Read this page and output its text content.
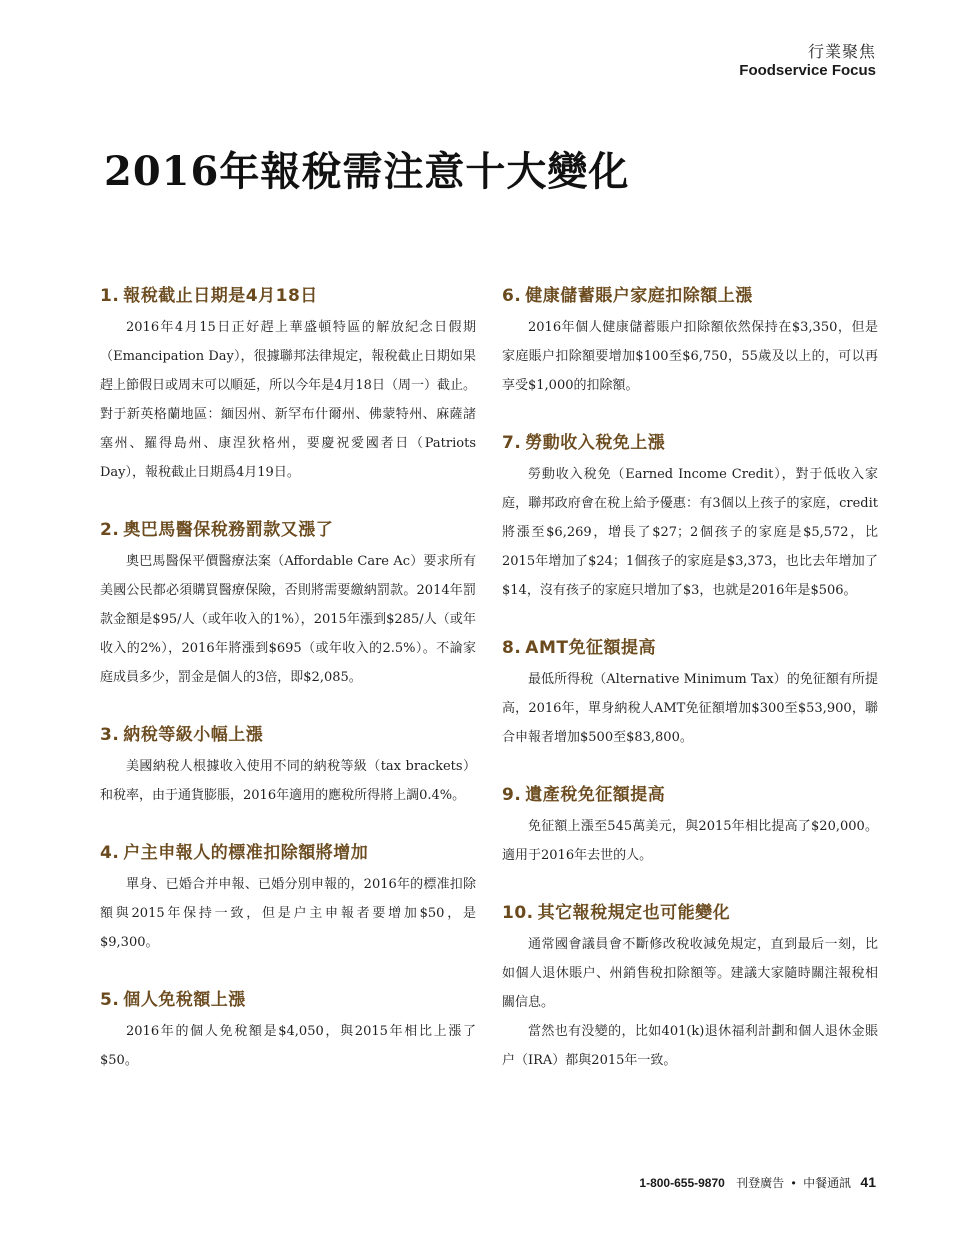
行業聚焦
Foodservice Focus
2016年報稅需注意十大變化
1. 報稅截止日期是4月18日

2016年4月15日正好趕上華盛頓特區的解放紀念日假期（Emancipation Day），很據聯邦法律規定，報稅截止日期如果趕上節假日或周末可以順延，所以今年是4月18日（周一）截止。對于新英格蘭地區：緬因州、新罕布什爾州、佛蒙特州、麻薩諸塞州、羅得島州、康涅狄格州，要慶祝愛國者日（Patriots Day），報稅截止日期爲4月19日。

2. 奧巴馬醫保稅務罰款又漲了

奧巴馬醫保平價醫療法案（Affordable Care Ac）要求所有美國公民都必須購買醫療保險，否則將需要繳納罰款。2014年罰款金額是$95/人（或年收入的1%），2015年漲到$285/人（或年收入的2%），2016年將漲到$695（或年收入的2.5%）。不論家庭成員多少，罰金是個人的3倍，即$2,085。

3. 納稅等級小幅上漲

美國納稅人根據收入使用不同的納稅等級（tax brackets）和稅率，由于通貨膨脹，2016年適用的應稅所得將上調0.4%。

4. 户主申報人的標准扣除額將增加

單身、已婚合并申報、已婚分別申報的，2016年的標准扣除額與2015年保持一致，但是户主申報者要增加$50，是$9,300。

5. 個人免稅額上漲

2016年的個人免稅額是$4,050，與2015年相比上漲了$50。

6. 健康儲蓄賬户家庭扣除額上漲

2016年個人健康儲蓄賬户扣除額依然保持在$3,350，但是家庭賬户扣除額要增加$100至$6,750，55歲及以上的，可以再享受$1,000的扣除額。

7. 勞動收入稅免上漲

勞動收入稅免（Earned Income Credit），對于低收入家庭，聯邦政府會在稅上給予優惠：有3個以上孩子的家庭，credit將漲至$6,269，增長了$27；2個孩子的家庭是$5,572，比2015年增加了$24；1個孩子的家庭是$3,373，也比去年增加了$14，沒有孩子的家庭只增加了$3，也就是2016年是$506。

8. AMT免征額提高

最低所得稅（Alternative Minimum Tax）的免征額有所提高，2016年，單身納稅人AMT免征額增加$300至$53,900，聯合申報者增加$500至$83,800。

9. 遺產稅免征額提高

免征額上漲至545萬美元，與2015年相比提高了$20,000。適用于2016年去世的人。

10. 其它報稅規定也可能變化

通常國會議員會不斷修改稅收減免規定，直到最后一刻，比如個人退休賬户、州銷售稅扣除額等。建議大家隨時關注報稅相關信息。

當然也有没變的，比如401(k)退休福利計劃和個人退休金賬户（IRA）都與2015年一致。

1-800-655-9870 刊登廣告 • 中餐通訊 41
